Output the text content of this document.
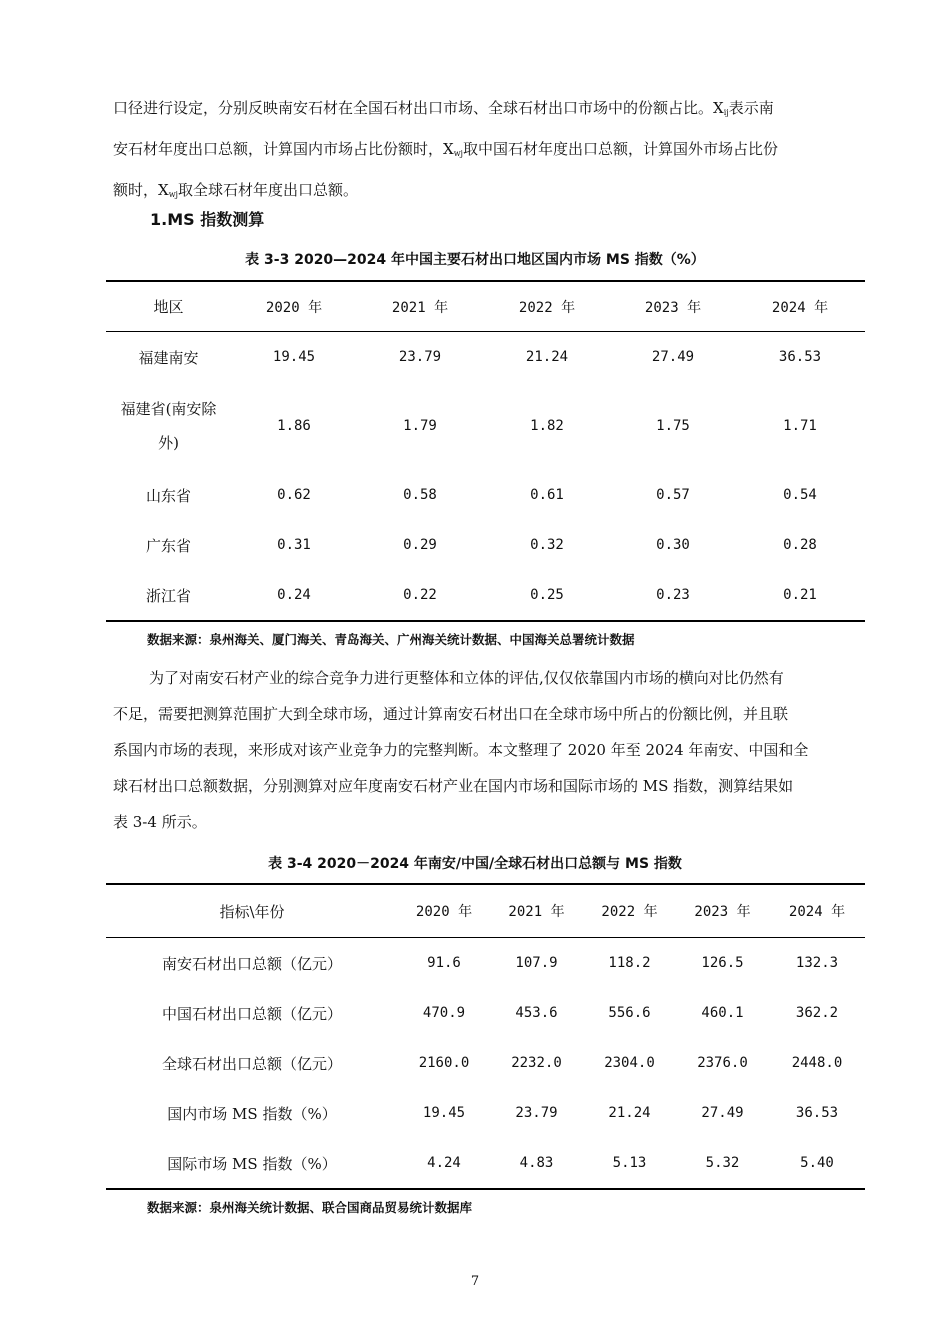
口径进行设定，分别反映南安石材在全国石材出口市场、全球石材出口市场中的份额占比。$X_{ij}$表示南
安石材年度出口总额，计算国内市场占比份额时，$X_{wj}$取中国石材年度出口总额，计算国外市场占比份
额时，$X_{wj}$取全球石材年度出口总额。
1.MS 指数测算
表 3-3 2020—2024 年中国主要石材出口地区国内市场 MS 指数（%）
地区	2020 年	2021 年	2022 年	2023 年	2024 年
福建南安	19.45	23.79	21.24	27.49	36.53
福建省(南安除
外)	1.86	1.79	1.82	1.75	1.71
山东省	0.62	0.58	0.61	0.57	0.54
广东省	0.31	0.29	0.32	0.30	0.28
浙江省	0.24	0.22	0.25	0.23	0.21
数据来源：泉州海关、厦门海关、青岛海关、广州海关统计数据、中国海关总署统计数据
为了对南安石材产业的综合竞争力进行更整体和立体的评估,仅仅依靠国内市场的横向对比仍然有
不足，需要把测算范围扩大到全球市场，通过计算南安石材出口在全球市场中所占的份额比例，并且联
系国内市场的表现，来形成对该产业竞争力的完整判断。本文整理了 2020 年至 2024 年南安、中国和全
球石材出口总额数据，分别测算对应年度南安石材产业在国内市场和国际市场的 MS 指数，测算结果如
表 3-4 所示。
表 3-4 2020－2024 年南安/中国/全球石材出口总额与 MS 指数
指标\年份	2020 年	2021 年	2022 年	2023 年	2024 年
南安石材出口总额（亿元）	91.6	107.9	118.2	126.5	132.3
中国石材出口总额（亿元）	470.9	453.6	556.6	460.1	362.2
全球石材出口总额（亿元）	2160.0	2232.0	2304.0	2376.0	2448.0
国内市场 MS 指数（%）	19.45	23.79	21.24	27.49	36.53
国际市场 MS 指数（%）	4.24	4.83	5.13	5.32	5.40
数据来源：泉州海关统计数据、联合国商品贸易统计数据库
7
